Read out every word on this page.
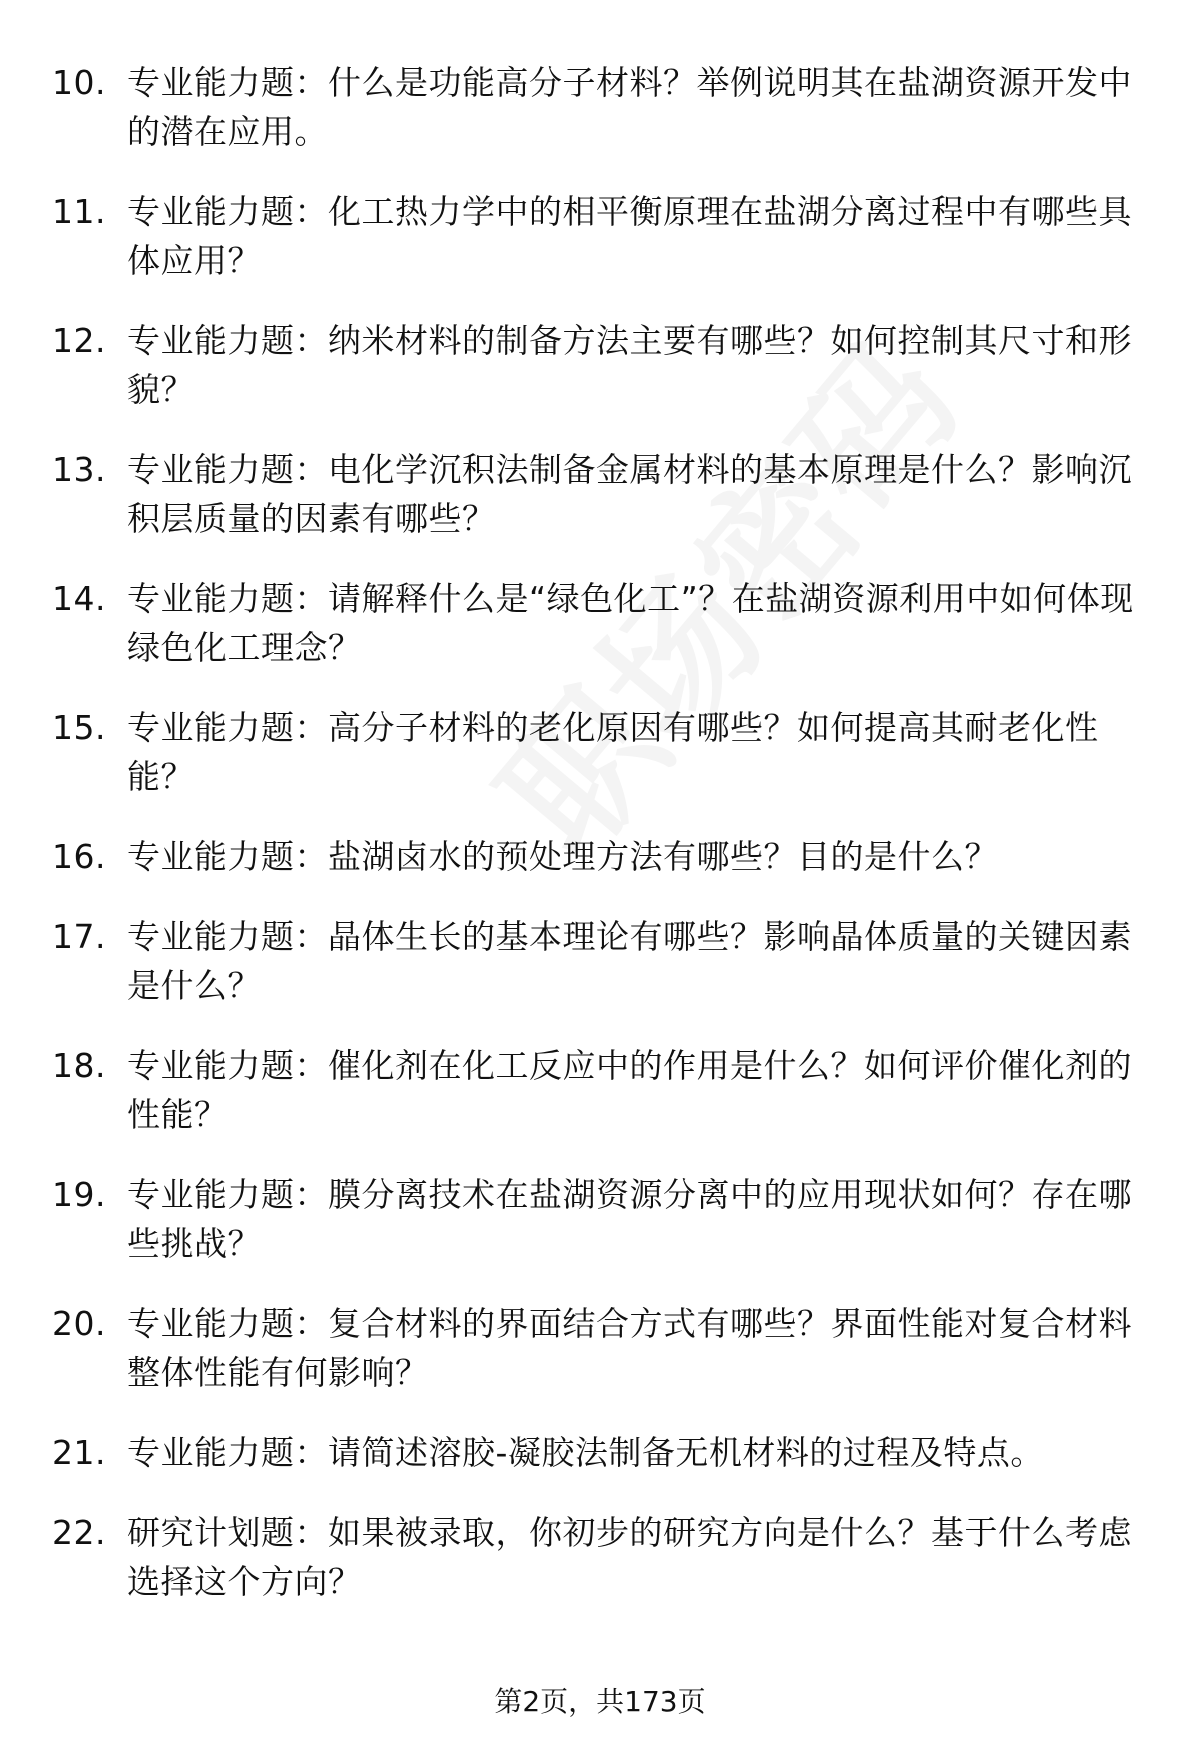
10. 专业能力题：什么是功能高分子材料？举例说明其在盐湖资源开发中的潜在应用。
11. 专业能力题：化工热力学中的相平衡原理在盐湖分离过程中有哪些具体应用？
12. 专业能力题：纳米材料的制备方法主要有哪些？如何控制其尺寸和形貌？
13. 专业能力题：电化学沉积法制备金属材料的基本原理是什么？影响沉积层质量的因素有哪些？
14. 专业能力题：请解释什么是“绿色化工”？在盐湖资源利用中如何体现绿色化工理念？
15. 专业能力题：高分子材料的老化原因有哪些？如何提高其耐老化性能？
16. 专业能力题：盐湖卤水的预处理方法有哪些？目的是什么？
17. 专业能力题：晶体生长的基本理论有哪些？影响晶体质量的关键因素是什么？
18. 专业能力题：催化剂在化工反应中的作用是什么？如何评价催化剂的性能？
19. 专业能力题：膜分离技术在盐湖资源分离中的应用现状如何？存在哪些挑战？
20. 专业能力题：复合材料的界面结合方式有哪些？界面性能对复合材料整体性能有何影响？
21. 专业能力题：请简述溶胶-凝胶法制备无机材料的过程及特点。
22. 研究计划题：如果被录取，你初步的研究方向是什么？基于什么考虑选择这个方向？
第2页，共173页
